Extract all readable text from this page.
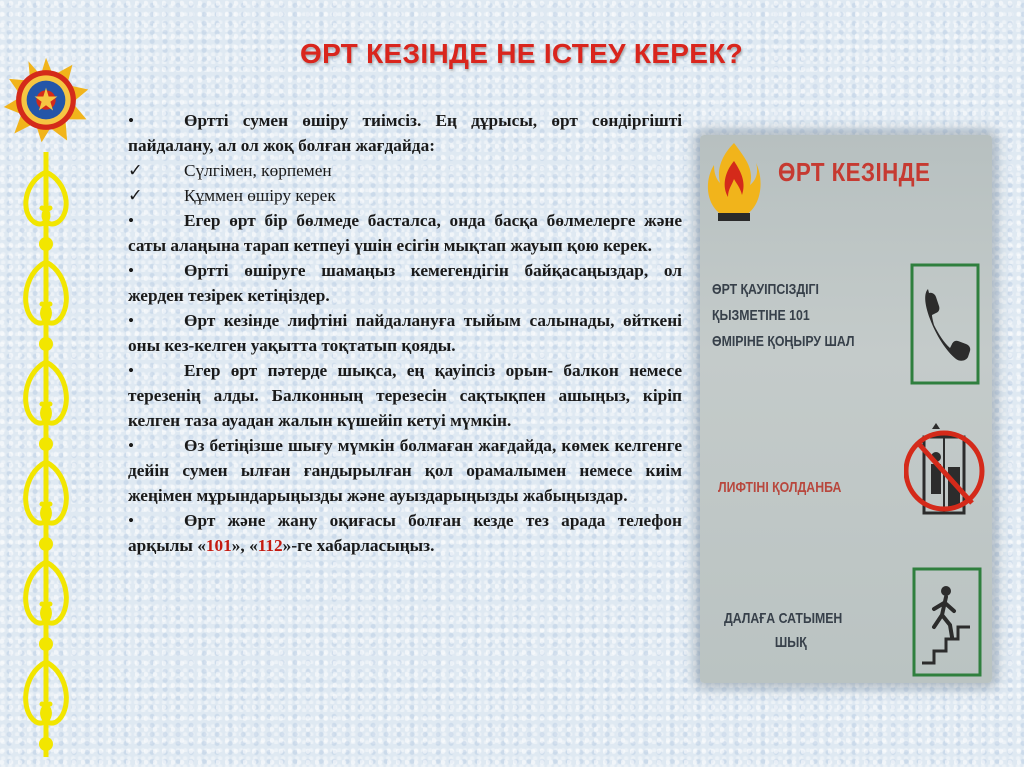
ӨРТ КЕЗІНДЕ НЕ ІСТЕУ КЕРЕК?

•	Өртті сумен өшіру тиімсіз. Ең дұрысы, өрт сөндіргішті пайдалану, ал ол жоқ болған жағдайда:

✓ Сүлгімен, көрпемен

✓ Құммен өшіру керек

•	Егер өрт бір бөлмеде басталса, онда басқа бөлмелерге және саты алаңына тарап кетпеуі үшін есігін мықтап жауып қою керек.

•	Өртті өшіруге шамаңыз кемегендігін байқасаңыздар, ол жерден тезірек кетіңіздер.

•	Өрт кезінде лифтіні пайдалануға тыйым салынады, өйткені оны кез-келген уақытта тоқтатып қояды.

•	Егер өрт пәтерде шықса, ең қауіпсіз орын- балкон немесе терезенің алды. Балконның терезесін сақтықпен ашыңыз, кіріп келген таза ауадан жалын күшейіп кетуі мүмкін.

•	Өз бетіңізше шығу мүмкін болмаған жағдайда, көмек келгенге дейін сумен ылған ғандырылған қол орамалымен немесе киім жеңімен мұрындарыңызды және ауыздарыңызды жабыңыздар.

•	Өрт және жану оқиғасы болған кезде тез арада телефон арқылы «101», «112»-ге хабарласыңыз.

ӨРТ КЕЗІНДЕ
ӨРТ ҚАУІПСІЗДІГІ
ҚЫЗМЕТІНЕ 101
ӨМІРІНЕ ҚОҢЫРУ ШАЛ
ЛИФТІНІ ҚОЛДАНБА
ДАЛАҒА САТЫМЕН
ШЫҚ
